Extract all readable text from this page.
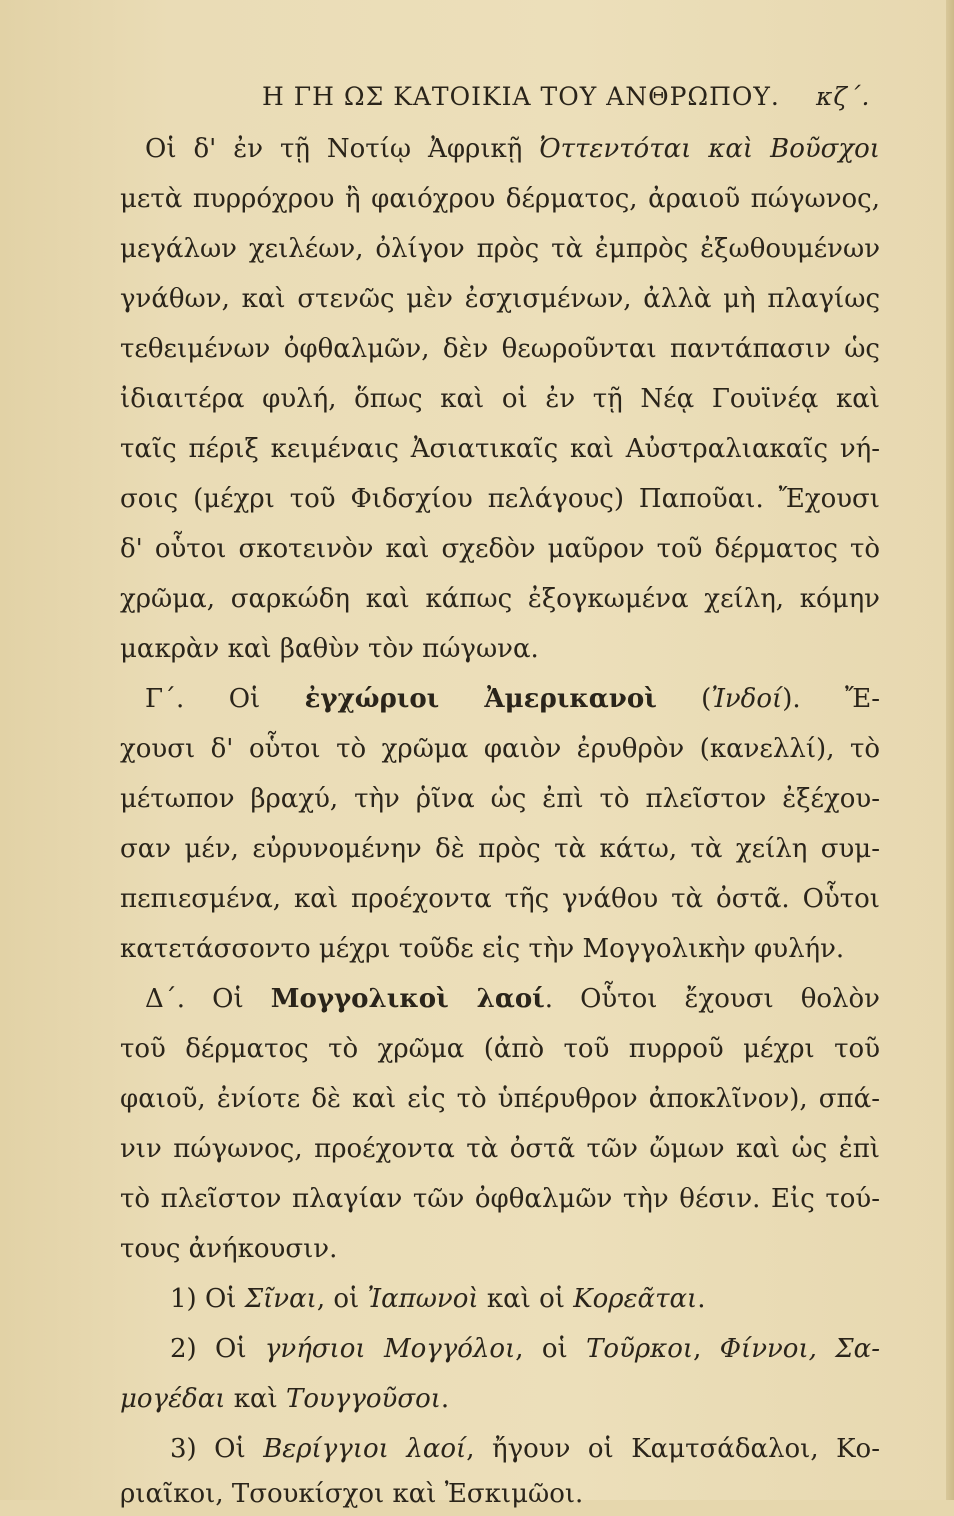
Η ΓΗ ΩΣ ΚΑΤΟΙΚΙΑ ΤΟΥ ΑΝΘΡΩΠΟΥ. κζ΄.
Οἱ δ' ἐν τῇ Νοτίῳ Ἀφρικῇ Ὀττεντόται καὶ Βοῦσχοι
μετὰ πυρρόχρου ἢ φαιόχρου δέρματος, ἀραιοῦ πώγωνος,
μεγάλων χειλέων, ὀλίγον πρὸς τὰ ἐμπρὸς ἐξωθουμένων
γνάθων, καὶ στενῶς μὲν ἐσχισμένων, ἀλλὰ μὴ πλαγίως
τεθειμένων ὀφθαλμῶν, δὲν θεωροῦνται παντάπασιν ὡς
ἰδιαιτέρα φυλή, ὅπως καὶ οἱ ἐν τῇ Νέᾳ Γουϊνέᾳ καὶ
ταῖς πέριξ κειμέναις Ἀσιατικαῖς καὶ Αὐστραλιακαῖς νή-
σοις (μέχρι τοῦ Φιδσχίου πελάγους) Παποῦαι. Ἔχουσι
δ' οὗτοι σκοτεινὸν καὶ σχεδὸν μαῦρον τοῦ δέρματος τὸ
χρῶμα, σαρκώδη καὶ κάπως ἐξογκωμένα χείλη, κόμην
μακρὰν καὶ βαθὺν τὸν πώγωνα.
Γ΄. Οἱ ἐγχώριοι Ἀμερικανοὶ (Ἰνδοί). Ἔ-
χουσι δ' οὗτοι τὸ χρῶμα φαιὸν ἐρυθρὸν (κανελλί), τὸ
μέτωπον βραχύ, τὴν ῥῖνα ὡς ἐπὶ τὸ πλεῖστον ἐξέχου-
σαν μέν, εὐρυνομένην δὲ πρὸς τὰ κάτω, τὰ χείλη συμ-
πεπιεσμένα, καὶ προέχοντα τῆς γνάθου τὰ ὀστᾶ. Οὗτοι
κατετάσσοντο μέχρι τοῦδε εἰς τὴν Μογγολικὴν φυλήν.
Δ΄. Οἱ Μογγολικοὶ λαοί. Οὗτοι ἔχουσι θολὸν
τοῦ δέρματος τὸ χρῶμα (ἀπὸ τοῦ πυρροῦ μέχρι τοῦ
φαιοῦ, ἐνίοτε δὲ καὶ εἰς τὸ ὑπέρυθρον ἀποκλῖνον), σπά-
νιν πώγωνος, προέχοντα τὰ ὀστᾶ τῶν ὤμων καὶ ὡς ἐπὶ
τὸ πλεῖστον πλαγίαν τῶν ὀφθαλμῶν τὴν θέσιν. Εἰς τού-
τους ἀνήκουσιν.
1) Οἱ Σῖναι, οἱ Ἰαπωνοὶ καὶ οἱ Κορεᾶται.
2) Οἱ γνήσιοι Μογγόλοι, οἱ Τοῦρκοι, Φίννοι, Σα-
μογέδαι καὶ Τουγγοῦσοι.
3) Οἱ Βερίγγιοι λαοί, ἤγουν οἱ Καμτσάδαλοι, Κο-
ριαῖκοι, Τσουκίσχοι καὶ Ἐσκιμῶοι.
